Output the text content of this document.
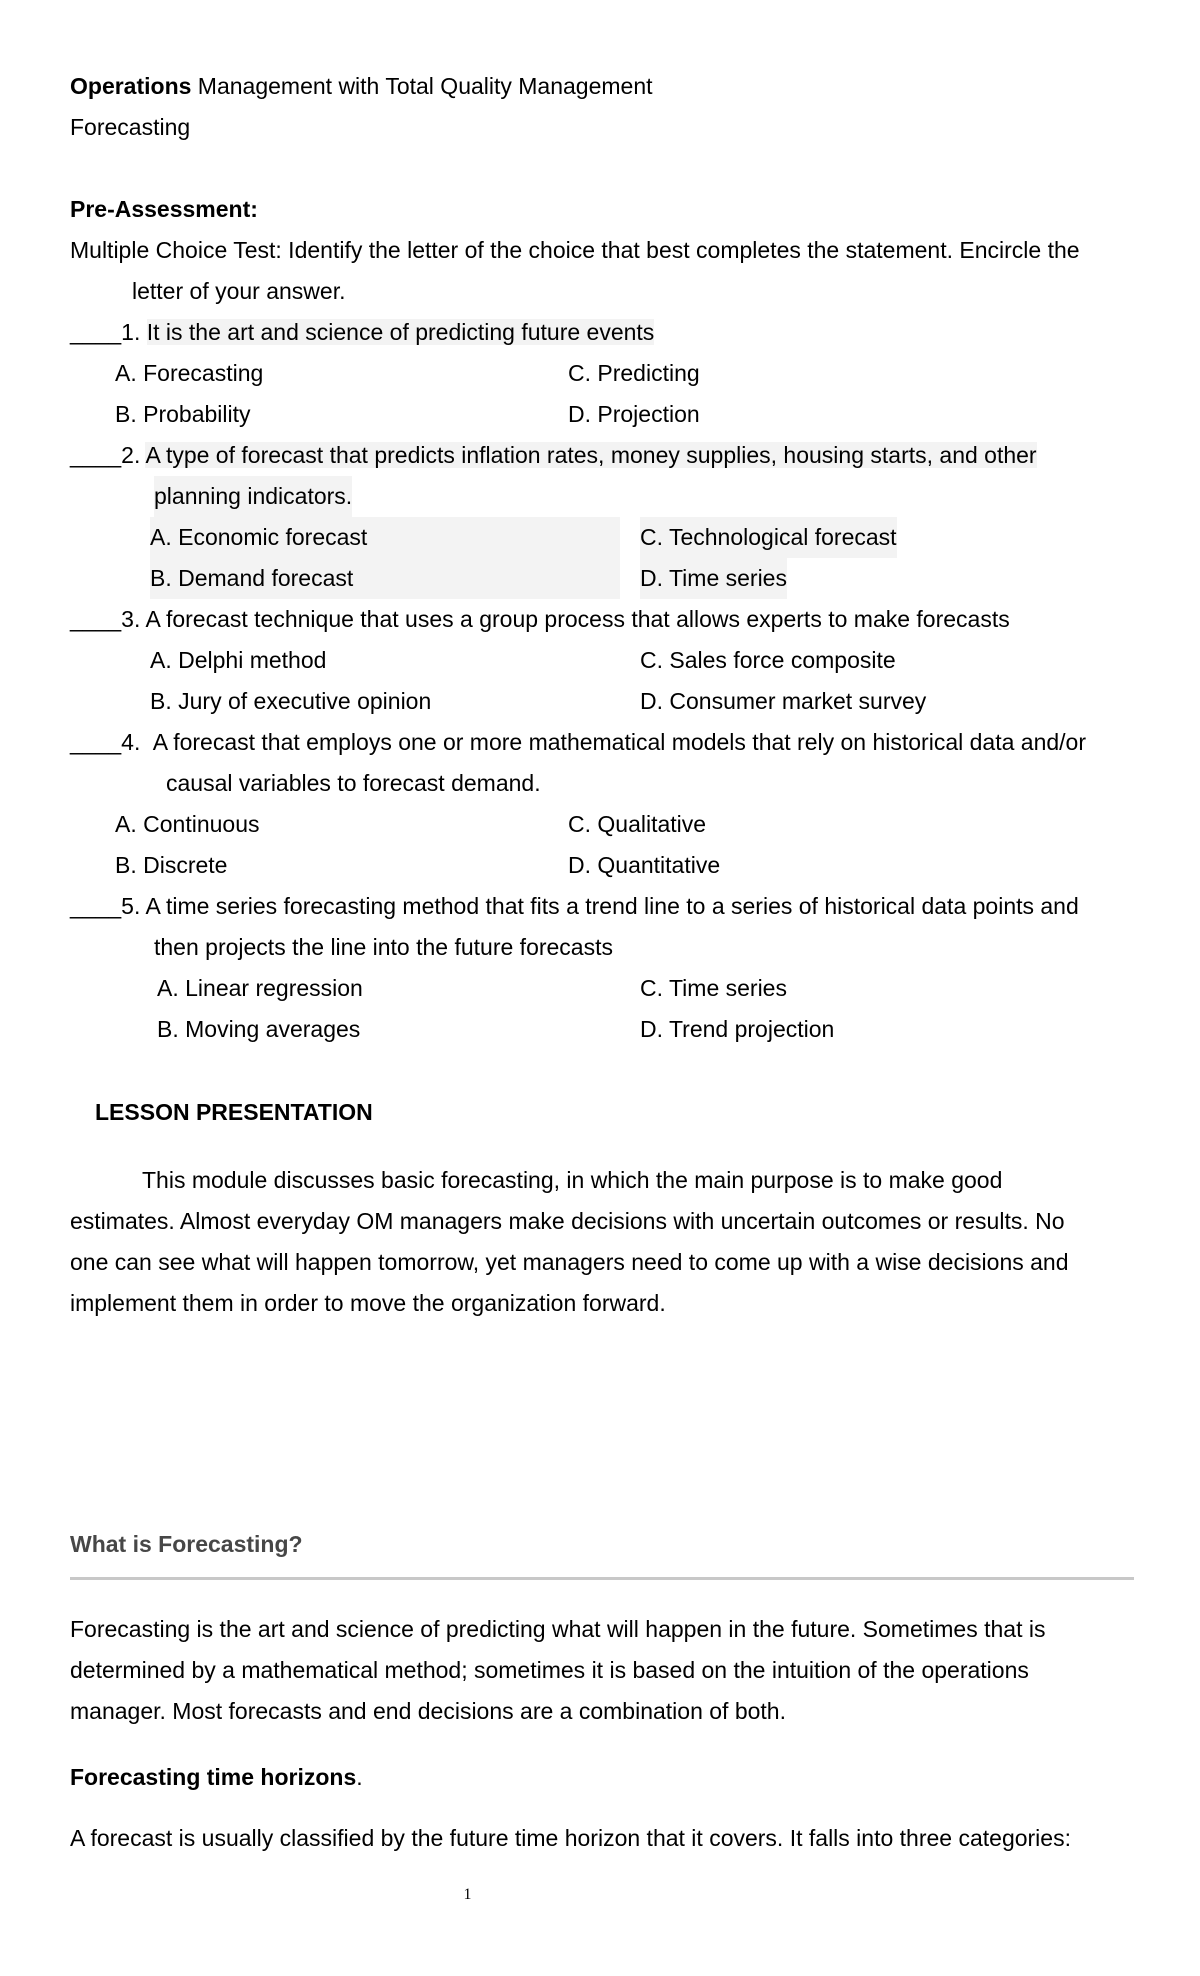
Operations Management with Total Quality Management
Forecasting
Pre-Assessment:
Multiple Choice Test: Identify the letter of the choice that best completes the statement. Encircle the
letter of your answer.
____1. It is the art and science of predicting future events
A. Forecasting
B. Probability
C. Predicting
D. Projection
____2. A type of forecast that predicts inflation rates, money supplies, housing starts, and other
planning indicators.
A. Economic forecast
B. Demand forecast
C. Technological forecast
D. Time series
____3. A forecast technique that uses a group process that allows experts to make forecasts
A. Delphi method
B. Jury of executive opinion
C. Sales force composite
D. Consumer market survey
____4. A forecast that employs one or more mathematical models that rely on historical data and/or
causal variables to forecast demand.
A. Continuous
B. Discrete
C. Qualitative
D. Quantitative
____5. A time series forecasting method that fits a trend line to a series of historical data points and
then projects the line into the future forecasts
A. Linear regression
B. Moving averages
C. Time series
D. Trend projection
LESSON PRESENTATION
This module discusses basic forecasting, in which the main purpose is to make good
estimates. Almost everyday OM managers make decisions with uncertain outcomes or results. No
one can see what will happen tomorrow, yet managers need to come up with a wise decisions and
implement them in order to move the organization forward.
What is Forecasting?
Forecasting is the art and science of predicting what will happen in the future. Sometimes that is
determined by a mathematical method; sometimes it is based on the intuition of the operations
manager. Most forecasts and end decisions are a combination of both.
Forecasting time horizons.
A forecast is usually classified by the future time horizon that it covers. It falls into three categories:
1
